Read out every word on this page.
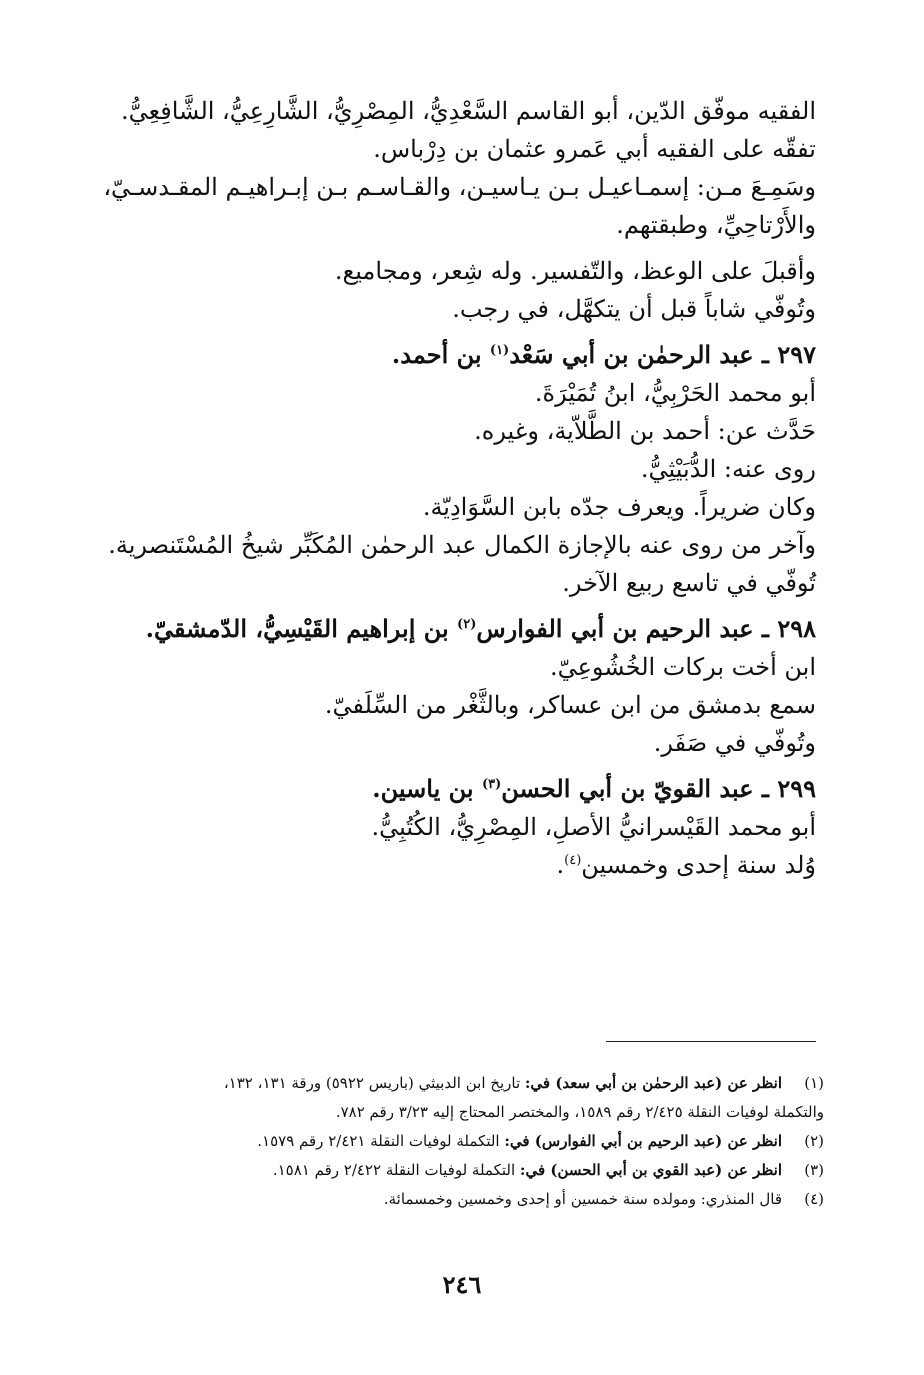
الفقيه موفّق الدّين، أبو القاسم السَّعْدِيُّ، المِصْرِيُّ، الشَّارِعِيُّ، الشَّافِعِيُّ.

تفقّه على الفقيه أبي عَمرو عثمان بن دِرْباس.

وسَمِـعَ مـن: إسمـاعيـل بـن يـاسيـن، والقـاسـم بـن إبـراهيـم المقـدسـيّ،

والأَرْتاحِيِّ، وطبقتهم.

وأقبلَ على الوعظ، والتّفسير. وله شِعر، ومجاميع.

وتُوفّي شاباً قبل أن يتكهَّل، في رجب.

٢٩٧ ـ عبد الرحمٰن بن أبي سَعْد$^{(١)}$ بن أحمد.

أبو محمد الحَرْبِيُّ، ابنُ تُمَيْرَةَ.

حَدَّث عن: أحمد بن الطَّلاّية، وغيره.

روى عنه: الدُّبَيْثِيُّ.

وكان ضريراً. ويعرف جدّه بابن السَّوَادِيّة.

وآخر من روى عنه بالإجازة الكمال عبد الرحمٰن المُكَبِّر شيخُ المُسْتَنصرية.

تُوفّي في تاسع ربيع الآخر.

٢٩٨ ـ عبد الرحيم بن أبي الفوارس$^{(٢)}$ بن إبراهيم القَيْسِيُّ، الدّمشقيّ.

ابن أخت بركات الخُشُوعِيّ.

سمع بدمشق من ابن عساكر، وبالثَّغْر من السِّلَفيّ.

وتُوفّي في صَفَر.

٢٩٩ ـ عبد القويّ بن أبي الحسن$^{(٣)}$ بن ياسين.

أبو محمد القَيْسرانيُّ الأصلِ، المِصْرِيُّ، الكُتُبِيُّ.

وُلد سنة إحدى وخمسين$^{(٤)}$.

(١)انظر عن (عبد الرحمٰن بن أبي سعد) في: تاريخ ابن الدبيثي (باريس ٥٩٢٢) ورقة ١٣١، ١٣٢،

والتكملة لوفيات النقلة ٢/٤٢٥ رقم ١٥٨٩، والمختصر المحتاج إليه ٣/٢٣ رقم ٧٨٢.

(٢)انظر عن (عبد الرحيم بن أبي الفوارس) في: التكملة لوفيات النقلة ٢/٤٢١ رقم ١٥٧٩.

(٣)انظر عن (عبد القوي بن أبي الحسن) في: التكملة لوفيات النقلة ٢/٤٢٢ رقم ١٥٨١.

(٤)قال المنذري: ومولده سنة خمسين أو إحدى وخمسين وخمسمائة.

٢٤٦
